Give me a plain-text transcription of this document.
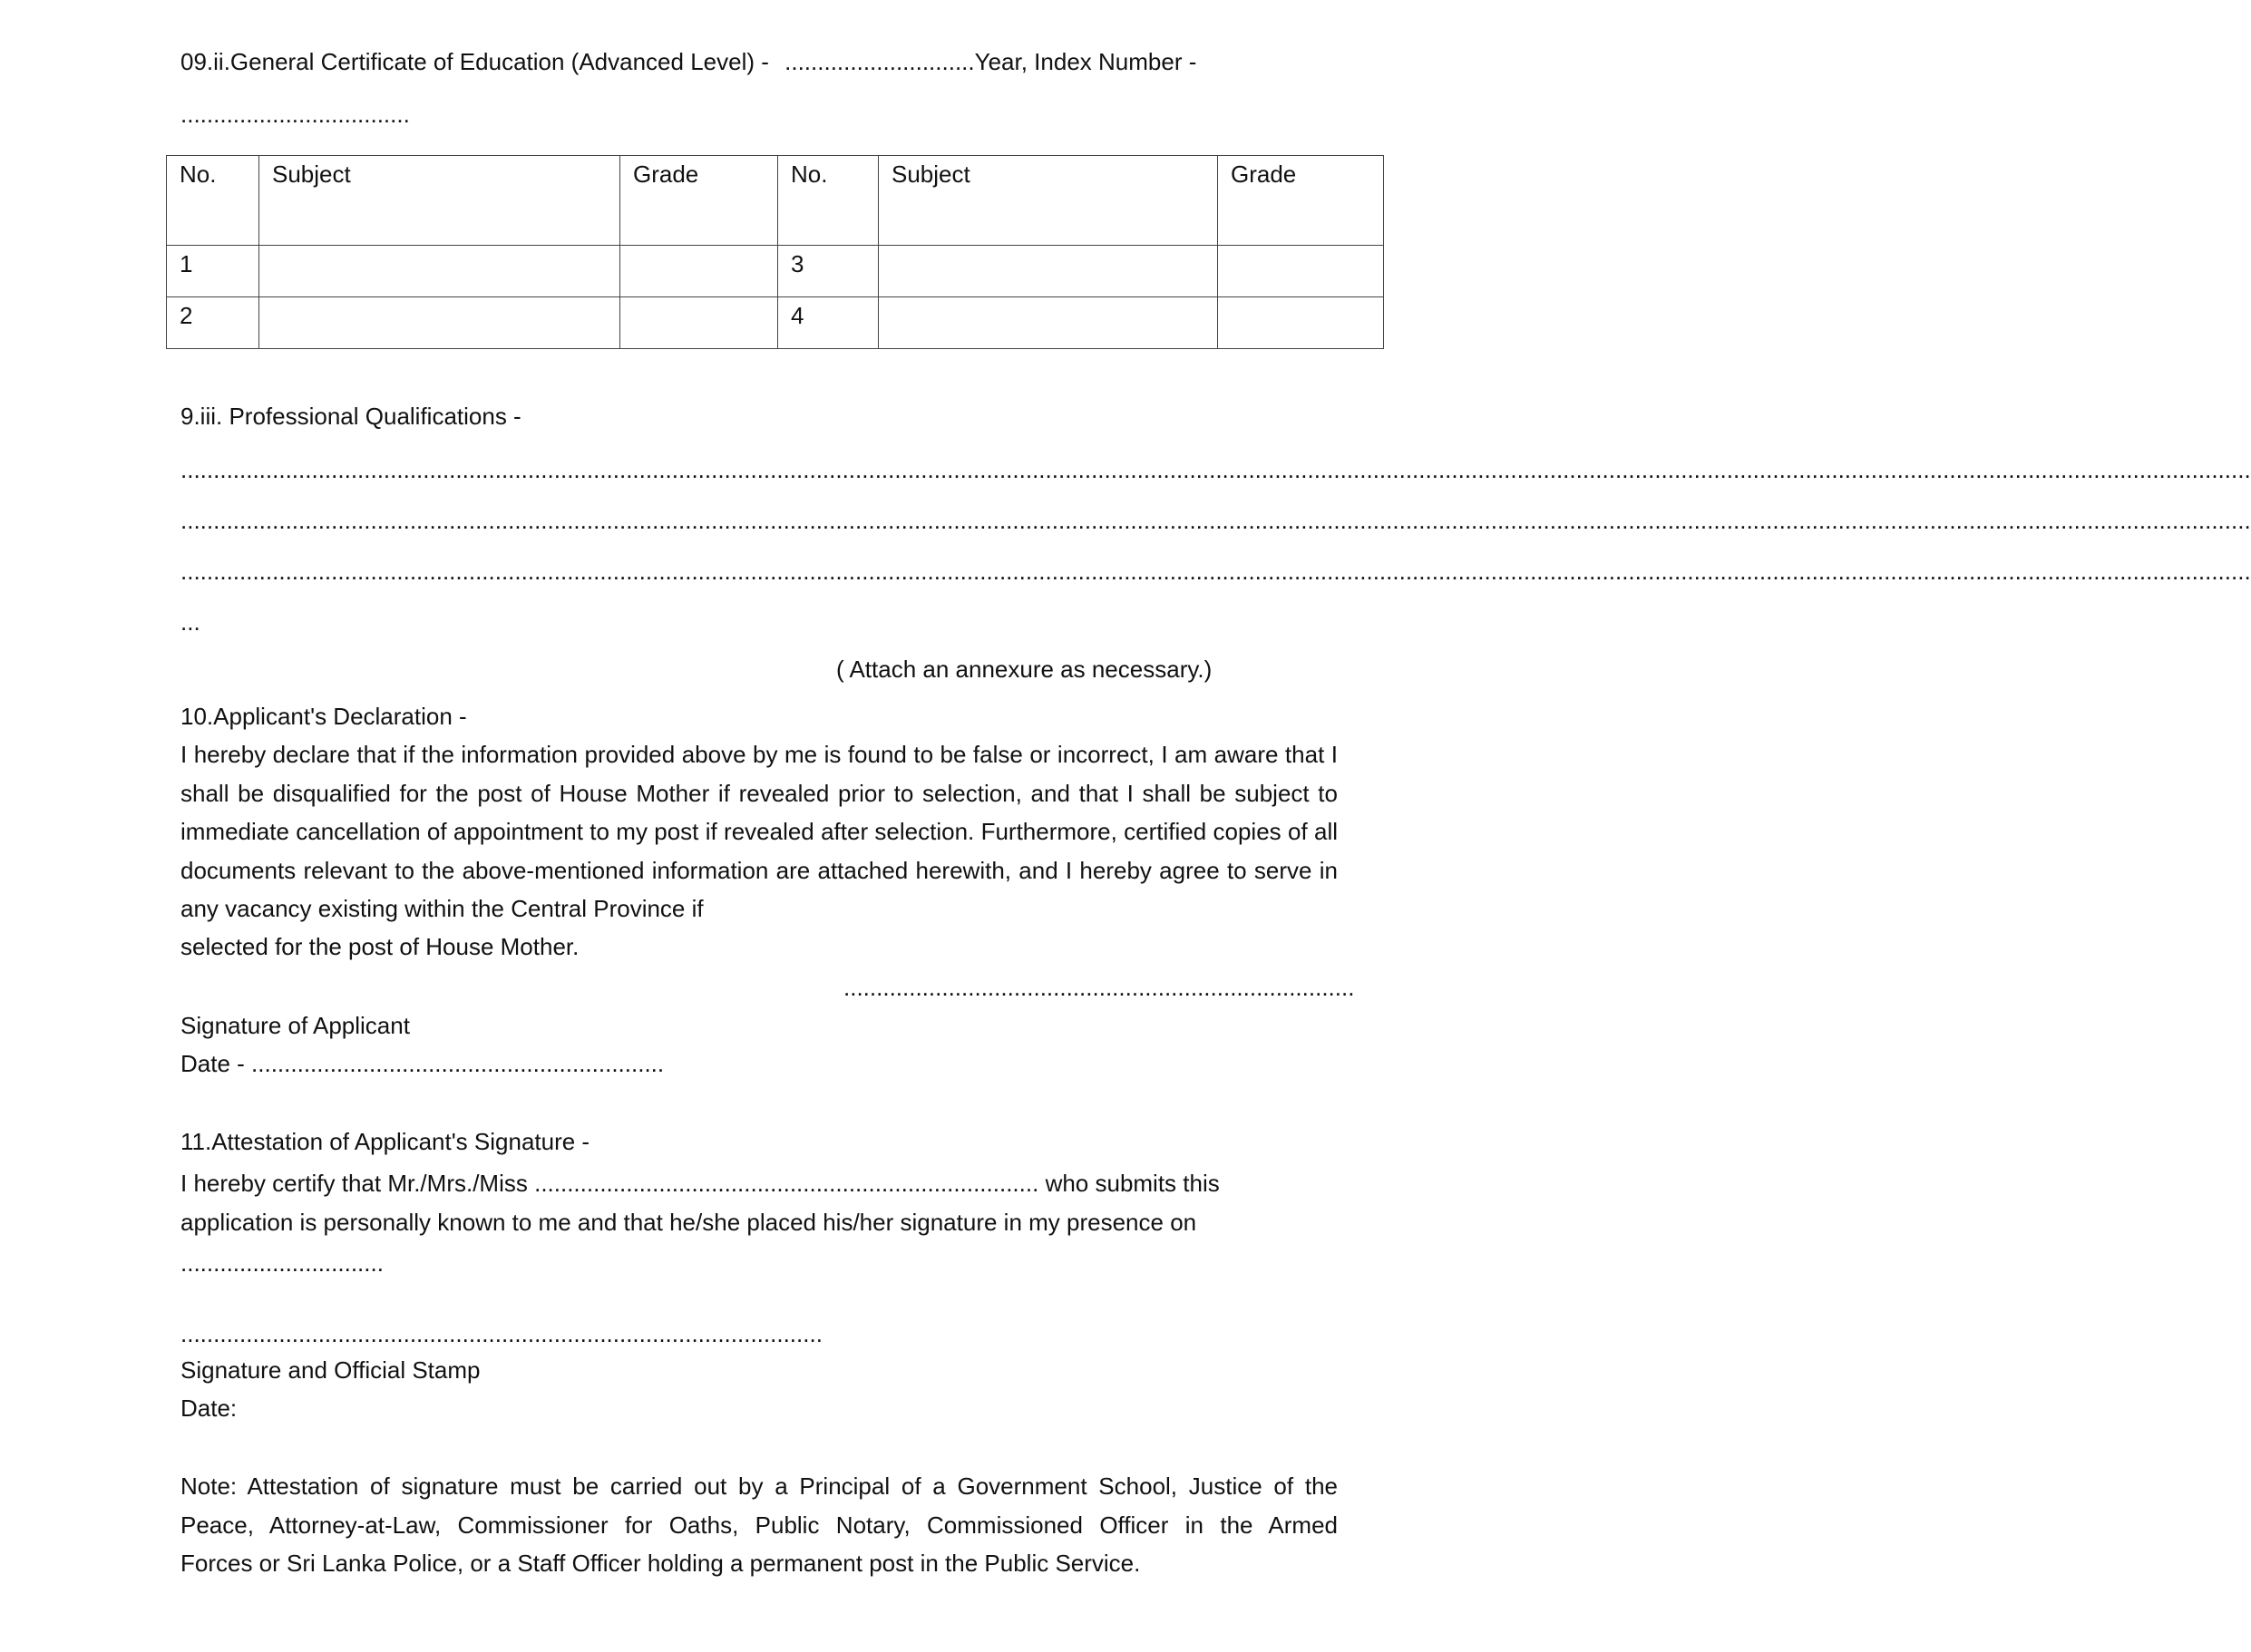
09.ii.General Certificate of Education (Advanced Level) - .............................Year, Index Number -
...................................
No.	Subject	Grade	No.	Subject	Grade
1			3		
2			4		
9.iii. Professional Qualifications -
............................................................................................................................................................................................................................................................................................................................
............................................................................................................................................................................................................................................................................................................................
............................................................................................................................................................................................................................................................................................................................
...
( Attach an annexure as necessary.)
10.Applicant's Declaration -
I hereby declare that if the information provided above by me is found to be false or incorrect, I am aware that I shall be disqualified for the post of House Mother if revealed prior to selection, and that I shall be subject to immediate cancellation of appointment to my post if revealed after selection. Furthermore, certified copies of all documents relevant to the above-mentioned information are attached herewith, and I hereby agree to serve in any vacancy existing within the Central Province if
selected for the post of House Mother.
..............................................................................
Signature of Applicant
Date - ...............................................................
11.Attestation of Applicant's Signature -
I hereby certify that Mr./Mrs./Miss ............................................................................. who submits this
application is personally known to me and that he/she placed his/her signature in my presence on
...............................
..................................................................................................
Signature and Official Stamp
Date:
Note: Attestation of signature must be carried out by a Principal of a Government School, Justice of the
Peace, Attorney-at-Law, Commissioner for Oaths, Public Notary, Commissioned Officer in the Armed
Forces or Sri Lanka Police, or a Staff Officer holding a permanent post in the Public Service.
